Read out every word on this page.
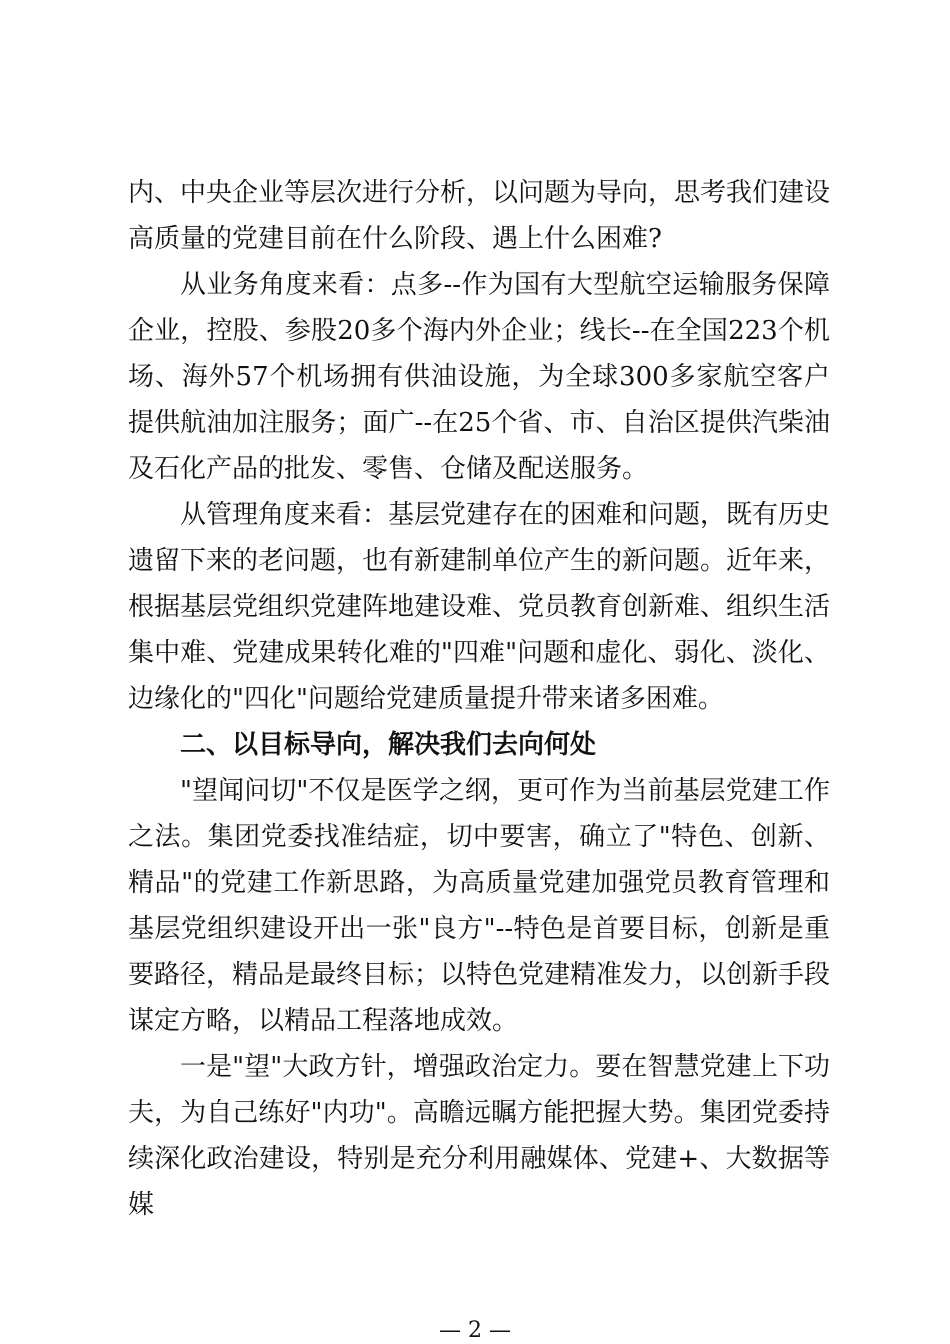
内、中央企业等层次进行分析，以问题为导向，思考我们建设高质量的党建目前在什么阶段、遇上什么困难?

从业务角度来看：点多--作为国有大型航空运输服务保障企业，控股、参股20多个海内外企业；线长--在全国223个机场、海外57个机场拥有供油设施，为全球300多家航空客户提供航油加注服务；面广--在25个省、市、自治区提供汽柴油及石化产品的批发、零售、仓储及配送服务。

从管理角度来看：基层党建存在的困难和问题，既有历史遗留下来的老问题，也有新建制单位产生的新问题。近年来，根据基层党组织党建阵地建设难、党员教育创新难、组织生活集中难、党建成果转化难的"四难"问题和虚化、弱化、淡化、边缘化的"四化"问题给党建质量提升带来诸多困难。

二、以目标导向，解决我们去向何处

"望闻问切"不仅是医学之纲，更可作为当前基层党建工作之法。集团党委找准结症，切中要害，确立了"特色、创新、精品"的党建工作新思路，为高质量党建加强党员教育管理和基层党组织建设开出一张"良方"--特色是首要目标，创新是重要路径，精品是最终目标；以特色党建精准发力，以创新手段谋定方略，以精品工程落地成效。

一是"望"大政方针，增强政治定力。要在智慧党建上下功夫，为自己练好"内功"。高瞻远瞩方能把握大势。集团党委持续深化政治建设，特别是充分利用融媒体、党建+、大数据等媒

— 2 —
